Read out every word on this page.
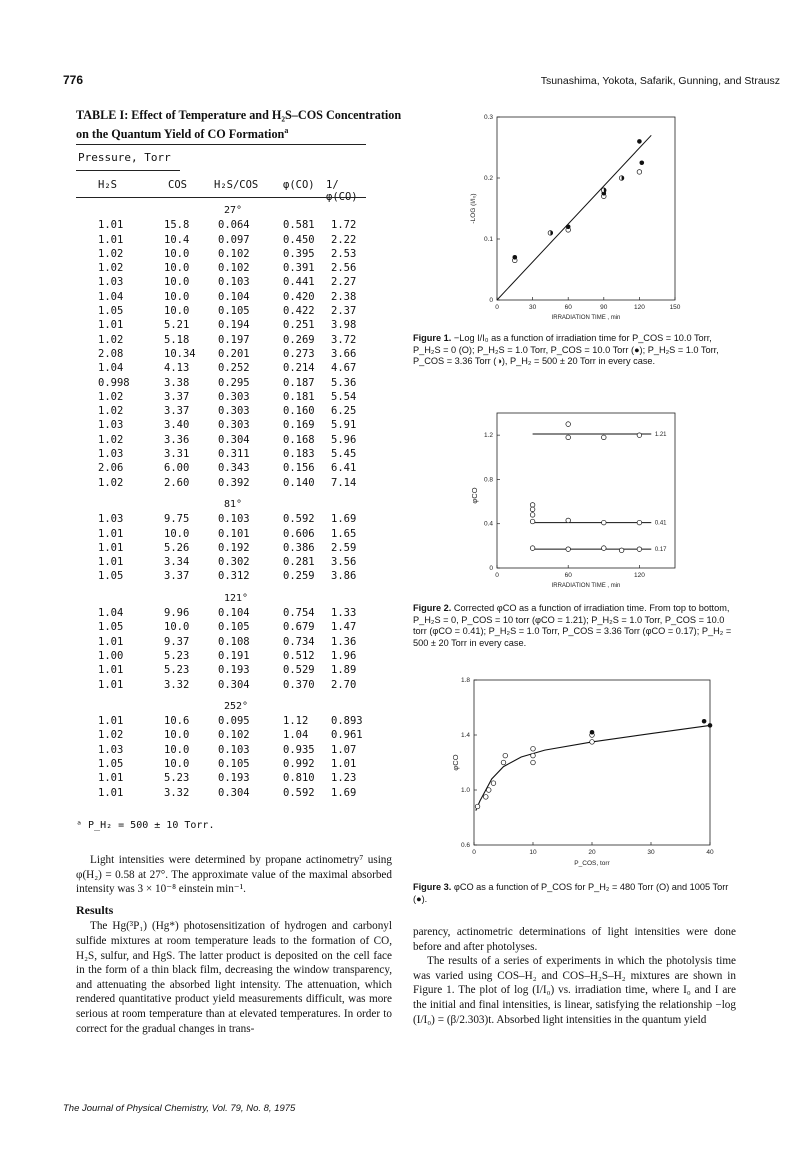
776	Tsunashima, Yokota, Safarik, Gunning, and Strausz
TABLE I: Effect of Temperature and H₂S–COS Concentration on the Quantum Yield of CO Formation$^a$
Pressure, Torr
H₂S	COS	H₂S/COS φ(CO) 1/φ(CO)
27°
1.01	15.8	0.064	0.581 1.72
1.01	10.4	0.097	0.450 2.22
1.02	10.0	0.102	0.395 2.53
1.02	10.0	0.102	0.391 2.56
1.03	10.0	0.103	0.441 2.27
1.04	10.0	0.104	0.420 2.38
1.05	10.0	0.105	0.422 2.37
1.01	5.21	0.194	0.251 3.98
1.02	5.18	0.197	0.269 3.72
2.08	10.34 0.201	0.273 3.66
1.04	4.13	0.252	0.214 4.67
0.998	3.38	0.295	0.187 5.36
1.02	3.37	0.303	0.181 5.54
1.02	3.37	0.303	0.160 6.25
1.03	3.40	0.303	0.169 5.91
1.02	3.36	0.304	0.168 5.96
1.03	3.31	0.311	0.183 5.45
2.06	6.00	0.343	0.156 6.41
1.02	2.60	0.392	0.140 7.14
81°
1.03	9.75	0.103	0.592 1.69
1.01	10.0	0.101	0.606 1.65
1.01	5.26	0.192	0.386 2.59
1.01	3.34	0.302	0.281 3.56
1.05	3.37	0.312	0.259 3.86
121°
1.04	9.96	0.104	0.754 1.33
1.05	10.0	0.105	0.679 1.47
1.01	9.37	0.108	0.734 1.36
1.00	5.23	0.191	0.512 1.96
1.01	5.23	0.193	0.529 1.89
1.01	3.32	0.304	0.370 2.70
252°
1.01	10.6	0.095	1.12 0.893
1.02	10.0	0.102	1.04 0.961
1.03	10.0	0.103	0.935 1.07
1.05	10.0	0.105	0.992 1.01
1.01	5.23	0.193	0.810 1.23
1.01	3.32	0.304	0.592 1.69
ᵃ P_H₂ = 500 ± 10 Torr.

Light intensities were determined by propane actinometry⁷ using φ(H₂) = 0.58 at 27°. The approximate value of the maximal absorbed intensity was 3 × 10⁻⁸ einstein min⁻¹.

Results

The Hg(³P₁) (Hg*) photosensitization of hydrogen and carbonyl sulfide mixtures at room temperature leads to the formation of CO, H₂S, sulfur, and HgS. The latter product is deposited on the cell face in the form of a thin black film, decreasing the window transparency, and attenuating the absorbed light intensity. The attenuation, which rendered quantitative product yield measurements difficult, was more serious at room temperature than at elevated temperatures. In order to correct for the gradual changes in trans-

parency, actinometric determinations of light intensities were done before and after photolyses.

The results of a series of experiments in which the photolysis time was varied using COS–H₂ and COS–H₂S–H₂ mixtures are shown in Figure 1. The plot of log (I/I₀) vs. irradiation time, where I₀ and I are the initial and final intensities, is linear, satisfying the relationship −log (I/I₀) = (β/2.303)t. Absorbed light intensities in the quantum yield

0	30	60	90	120	150
0
0.1
0.2
0.3
IRRADIATION TIME , min
-LOG (I/I₀)
Figure 1. −Log I/I₀ as a function of irradiation time for P_COS = 10.0 Torr, P_H₂S = 0 (O); P_H₂S = 1.0 Torr, P_COS = 10.0 Torr (●); P_H₂S = 1.0 Torr, P_COS = 3.36 Torr (◑), P_H₂ = 500 ± 20 Torr in every case.
0	60	120
0
0.4
0.8
1.2	1.21
0.41
0.17
IRRADIATION TIME , min
φCO
Figure 2. Corrected φCO as a function of irradiation time. From top to bottom, P_H₂S = 0, P_COS = 10 torr (φCO = 1.21); P_H₂S = 1.0 Torr, P_COS = 10.0 torr (φCO = 0.41); P_H₂S = 1.0 Torr, P_COS = 3.36 Torr (φCO = 0.17); P_H₂ = 500 ± 20 Torr in every case.
0	10	20	30	40
0.6
1.0
1.4
1.8
P_COS, torr
φCO
Figure 3. φCO as a function of P_COS for P_H₂ = 480 Torr (O) and 1005 Torr (●).
The Journal of Physical Chemistry, Vol. 79, No. 8, 1975
